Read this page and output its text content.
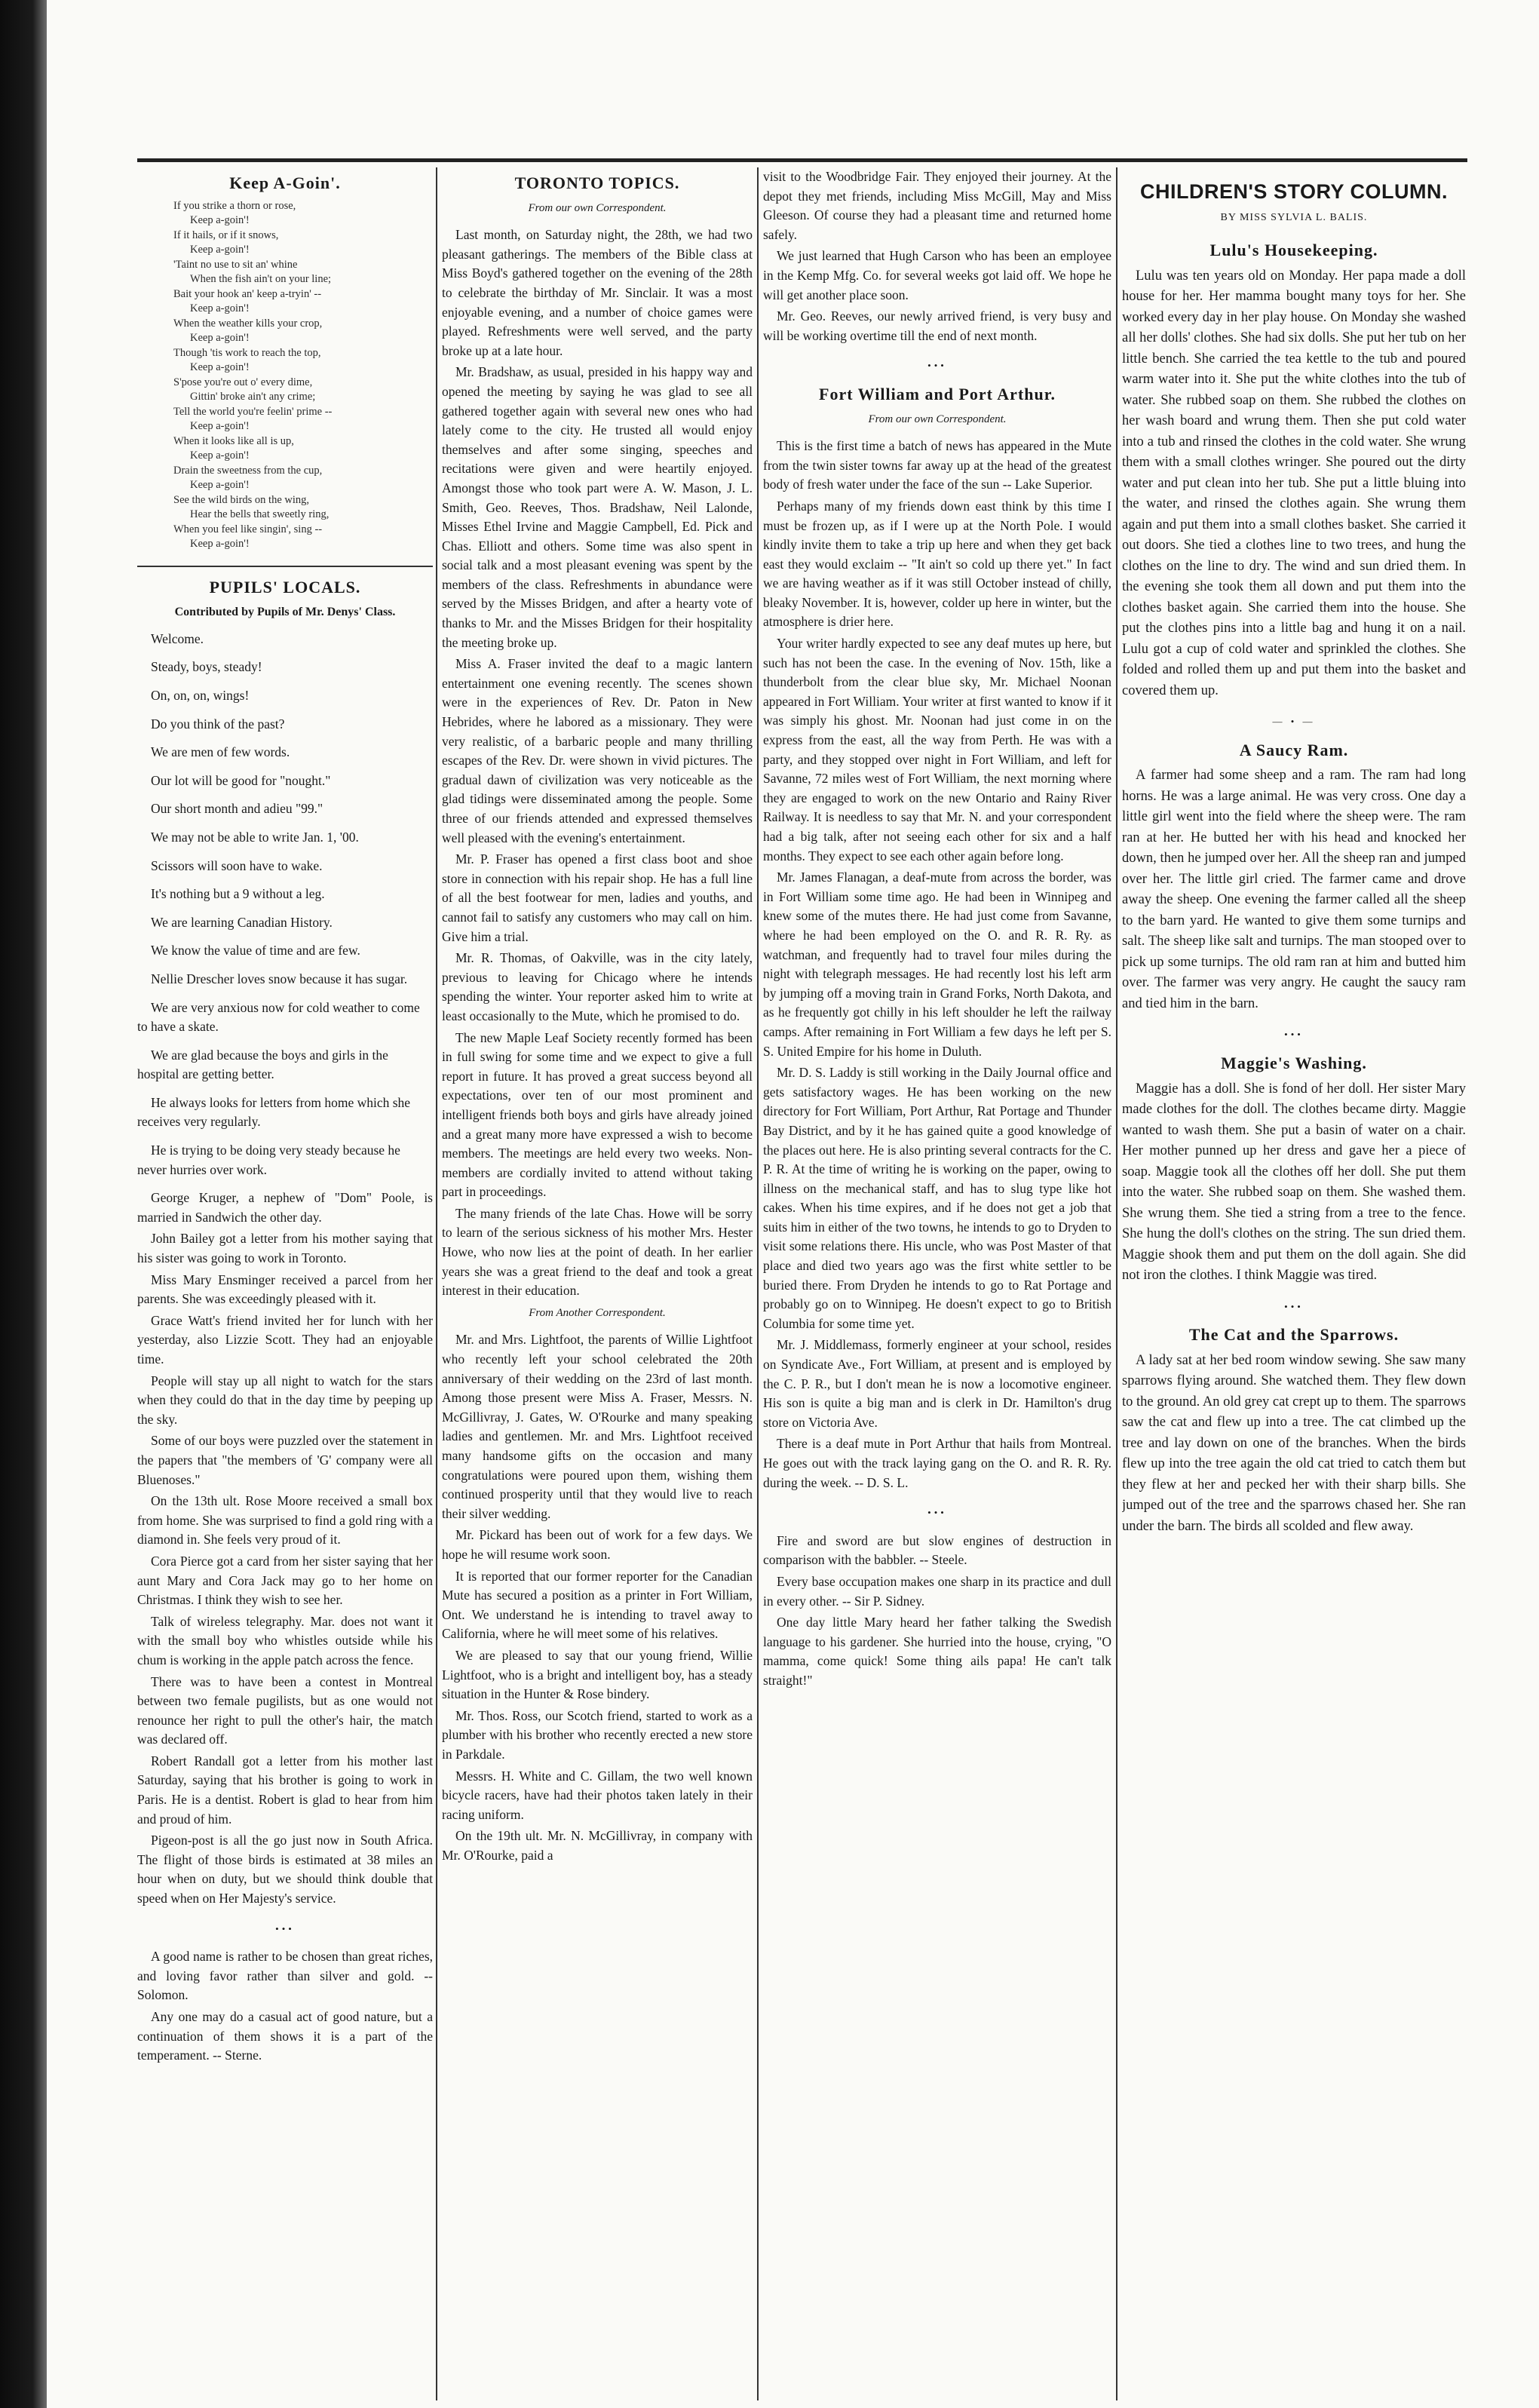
Keep A-Goin'.
If you strike a thorn or rose,
Keep a-goin'!
If it hails, or if it snows,
Keep a-goin'!
'Taint no use to sit an' whine
When the fish ain't on your line;
Bait your hook an' keep a-tryin' --
Keep a-goin'!
When the weather kills your crop,
Keep a-goin'!
Though 'tis work to reach the top,
Keep a-goin'!
S'pose you're out o' every dime,
Gittin' broke ain't any crime;
Tell the world you're feelin' prime --
Keep a-goin'!
When it looks like all is up,
Keep a-goin'!
Drain the sweetness from the cup,
Keep a-goin'!
See the wild birds on the wing,
Hear the bells that sweetly ring,
When you feel like singin', sing --
Keep a-goin'!
PUPILS' LOCALS.
Contributed by Pupils of Mr. Denys' Class.
Welcome.
Steady, boys, steady!
On, on, on, wings!
Do you think of the past?
We are men of few words.
Our lot will be good for "nought."
Our short month and adieu "99."
We may not be able to write Jan. 1, '00.
Scissors will soon have to wake.
It's nothing but a 9 without a leg.
We are learning Canadian History.
We know the value of time and are few.
Nellie Drescher loves snow because it has sugar.
We are very anxious now for cold weather to come to have a skate.
We are glad because the boys and girls in the hospital are getting better.
He always looks for letters from home which she receives very regularly.
He is trying to be doing very steady because he never hurries over work.

George Kruger, a nephew of "Dom" Poole, is married in Sandwich the other day.

John Bailey got a letter from his mother saying that his sister was going to work in Toronto.

Miss Mary Ensminger received a parcel from her parents. She was exceedingly pleased with it.

Grace Watt's friend invited her for lunch with her yesterday, also Lizzie Scott. They had an enjoyable time.

People will stay up all night to watch for the stars when they could do that in the day time by peeping up the sky.

Some of our boys were puzzled over the statement in the papers that "the members of 'G' company were all Bluenoses."

On the 13th ult. Rose Moore received a small box from home. She was surprised to find a gold ring with a diamond in. She feels very proud of it.

Cora Pierce got a card from her sister saying that her aunt Mary and Cora Jack may go to her home on Christmas. I think they wish to see her.

Talk of wireless telegraphy. Mar. does not want it with the small boy who whistles outside while his chum is working in the apple patch across the fence.

There was to have been a contest in Montreal between two female pugilists, but as one would not renounce her right to pull the other's hair, the match was declared off.

Robert Randall got a letter from his mother last Saturday, saying that his brother is going to work in Paris. He is a dentist. Robert is glad to hear from him and proud of him.

Pigeon-post is all the go just now in South Africa. The flight of those birds is estimated at 38 miles an hour when on duty, but we should think double that speed when on Her Majesty's service.

•••

A good name is rather to be chosen than great riches, and loving favor rather than silver and gold. -- Solomon.

Any one may do a casual act of good nature, but a continuation of them shows it is a part of the temperament. -- Sterne.

TORONTO TOPICS.
From our own Correspondent.

Last month, on Saturday night, the 28th, we had two pleasant gatherings. The members of the Bible class at Miss Boyd's gathered together on the evening of the 28th to celebrate the birthday of Mr. Sinclair. It was a most enjoyable evening, and a number of choice games were played. Refreshments were well served, and the party broke up at a late hour.

Mr. Bradshaw, as usual, presided in his happy way and opened the meeting by saying he was glad to see all gathered together again with several new ones who had lately come to the city. He trusted all would enjoy themselves and after some singing, speeches and recitations were given and were heartily enjoyed. Amongst those who took part were A. W. Mason, J. L. Smith, Geo. Reeves, Thos. Bradshaw, Neil Lalonde, Misses Ethel Irvine and Maggie Campbell, Ed. Pick and Chas. Elliott and others. Some time was also spent in social talk and a most pleasant evening was spent by the members of the class. Refreshments in abundance were served by the Misses Bridgen, and after a hearty vote of thanks to Mr. and the Misses Bridgen for their hospitality the meeting broke up.

Miss A. Fraser invited the deaf to a magic lantern entertainment one evening recently. The scenes shown were in the experiences of Rev. Dr. Paton in New Hebrides, where he labored as a missionary. They were very realistic, of a barbaric people and many thrilling escapes of the Rev. Dr. were shown in vivid pictures. The gradual dawn of civilization was very noticeable as the glad tidings were disseminated among the people. Some three of our friends attended and expressed themselves well pleased with the evening's entertainment.

Mr. P. Fraser has opened a first class boot and shoe store in connection with his repair shop. He has a full line of all the best footwear for men, ladies and youths, and cannot fail to satisfy any customers who may call on him. Give him a trial.

Mr. R. Thomas, of Oakville, was in the city lately, previous to leaving for Chicago where he intends spending the winter. Your reporter asked him to write at least occasionally to the Mute, which he promised to do.

The new Maple Leaf Society recently formed has been in full swing for some time and we expect to give a full report in future. It has proved a great success beyond all expectations, over ten of our most prominent and intelligent friends both boys and girls have already joined and a great many more have expressed a wish to become members. The meetings are held every two weeks. Non-members are cordially invited to attend without taking part in proceedings.

The many friends of the late Chas. Howe will be sorry to learn of the serious sickness of his mother Mrs. Hester Howe, who now lies at the point of death. In her earlier years she was a great friend to the deaf and took a great interest in their education.

From Another Correspondent.

Mr. and Mrs. Lightfoot, the parents of Willie Lightfoot who recently left your school celebrated the 20th anniversary of their wedding on the 23rd of last month. Among those present were Miss A. Fraser, Messrs. N. McGillivray, J. Gates, W. O'Rourke and many speaking ladies and gentlemen. Mr. and Mrs. Lightfoot received many handsome gifts on the occasion and many congratulations were poured upon them, wishing them continued prosperity until that they would live to reach their silver wedding.

Mr. Pickard has been out of work for a few days. We hope he will resume work soon.

It is reported that our former reporter for the Canadian Mute has secured a position as a printer in Fort William, Ont. We understand he is intending to travel away to California, where he will meet some of his relatives.

We are pleased to say that our young friend, Willie Lightfoot, who is a bright and intelligent boy, has a steady situation in the Hunter & Rose bindery.

Mr. Thos. Ross, our Scotch friend, started to work as a plumber with his brother who recently erected a new store in Parkdale.

Messrs. H. White and C. Gillam, the two well known bicycle racers, have had their photos taken lately in their racing uniform.

On the 19th ult. Mr. N. McGillivray, in company with Mr. O'Rourke, paid a

visit to the Woodbridge Fair. They enjoyed their journey. At the depot they met friends, including Miss McGill, May and Miss Gleeson. Of course they had a pleasant time and returned home safely.

We just learned that Hugh Carson who has been an employee in the Kemp Mfg. Co. for several weeks got laid off. We hope he will get another place soon.

Mr. Geo. Reeves, our newly arrived friend, is very busy and will be working overtime till the end of next month.

•••
Fort William and Port Arthur.
From our own Correspondent.

This is the first time a batch of news has appeared in the Mute from the twin sister towns far away up at the head of the greatest body of fresh water under the face of the sun -- Lake Superior.

Perhaps many of my friends down east think by this time I must be frozen up, as if I were up at the North Pole. I would kindly invite them to take a trip up here and when they get back east they would exclaim -- "It ain't so cold up there yet." In fact we are having weather as if it was still October instead of chilly, bleaky November. It is, however, colder up here in winter, but the atmosphere is drier here.

Your writer hardly expected to see any deaf mutes up here, but such has not been the case. In the evening of Nov. 15th, like a thunderbolt from the clear blue sky, Mr. Michael Noonan appeared in Fort William. Your writer at first wanted to know if it was simply his ghost. Mr. Noonan had just come in on the express from the east, all the way from Perth. He was with a party, and they stopped over night in Fort William, and left for Savanne, 72 miles west of Fort William, the next morning where they are engaged to work on the new Ontario and Rainy River Railway. It is needless to say that Mr. N. and your correspondent had a big talk, after not seeing each other for six and a half months. They expect to see each other again before long.

Mr. James Flanagan, a deaf-mute from across the border, was in Fort William some time ago. He had been in Winnipeg and knew some of the mutes there. He had just come from Savanne, where he had been employed on the O. and R. R. Ry. as watchman, and frequently had to travel four miles during the night with telegraph messages. He had recently lost his left arm by jumping off a moving train in Grand Forks, North Dakota, and as he frequently got chilly in his left shoulder he left the railway camps. After remaining in Fort William a few days he left per S. S. United Empire for his home in Duluth.

Mr. D. S. Laddy is still working in the Daily Journal office and gets satisfactory wages. He has been working on the new directory for Fort William, Port Arthur, Rat Portage and Thunder Bay District, and by it he has gained quite a good knowledge of the places out here. He is also printing several contracts for the C. P. R. At the time of writing he is working on the paper, owing to illness on the mechanical staff, and has to slug type like hot cakes. When his time expires, and if he does not get a job that suits him in either of the two towns, he intends to go to Dryden to visit some relations there. His uncle, who was Post Master of that place and died two years ago was the first white settler to be buried there. From Dryden he intends to go to Rat Portage and probably go on to Winnipeg. He doesn't expect to go to British Columbia for some time yet.

Mr. J. Middlemass, formerly engineer at your school, resides on Syndicate Ave., Fort William, at present and is employed by the C. P. R., but I don't mean he is now a locomotive engineer. His son is quite a big man and is clerk in Dr. Hamilton's drug store on Victoria Ave.

There is a deaf mute in Port Arthur that hails from Montreal. He goes out with the track laying gang on the O. and R. R. Ry. during the week. -- D. S. L.

•••

Fire and sword are but slow engines of destruction in comparison with the babbler. -- Steele.

Every base occupation makes one sharp in its practice and dull in every other. -- Sir P. Sidney.

One day little Mary heard her father talking the Swedish language to his gardener. She hurried into the house, crying, "O mamma, come quick! Some thing ails papa! He can't talk straight!"

CHILDREN'S STORY COLUMN.
BY MISS SYLVIA L. BALIS.
Lulu's Housekeeping.

Lulu was ten years old on Monday. Her papa made a doll house for her. Her mamma bought many toys for her. She worked every day in her play house. On Monday she washed all her dolls' clothes. She had six dolls. She put her tub on her little bench. She carried the tea kettle to the tub and poured warm water into it. She put the white clothes into the tub of water. She rubbed soap on them. She rubbed the clothes on her wash board and wrung them. Then she put cold water into a tub and rinsed the clothes in the cold water. She wrung them with a small clothes wringer. She poured out the dirty water and put clean into her tub. She put a little bluing into the water, and rinsed the clothes again. She wrung them again and put them into a small clothes basket. She carried it out doors. She tied a clothes line to two trees, and hung the clothes on the line to dry. The wind and sun dried them. In the evening she took them all down and put them into the clothes basket again. She carried them into the house. She put the clothes pins into a little bag and hung it on a nail. Lulu got a cup of cold water and sprinkled the clothes. She folded and rolled them up and put them into the basket and covered them up.

— • —
A Saucy Ram.

A farmer had some sheep and a ram. The ram had long horns. He was a large animal. He was very cross. One day a little girl went into the field where the sheep were. The ram ran at her. He butted her with his head and knocked her down, then he jumped over her. All the sheep ran and jumped over her. The little girl cried. The farmer came and drove away the sheep. One evening the farmer called all the sheep to the barn yard. He wanted to give them some turnips and salt. The sheep like salt and turnips. The man stooped over to pick up some turnips. The old ram ran at him and butted him over. The farmer was very angry. He caught the saucy ram and tied him in the barn.

•••
Maggie's Washing.

Maggie has a doll. She is fond of her doll. Her sister Mary made clothes for the doll. The clothes became dirty. Maggie wanted to wash them. She put a basin of water on a chair. Her mother punned up her dress and gave her a piece of soap. Maggie took all the clothes off her doll. She put them into the water. She rubbed soap on them. She washed them. She wrung them. She tied a string from a tree to the fence. She hung the doll's clothes on the string. The sun dried them. Maggie shook them and put them on the doll again. She did not iron the clothes. I think Maggie was tired.

•••
The Cat and the Sparrows.

A lady sat at her bed room window sewing. She saw many sparrows flying around. She watched them. They flew down to the ground. An old grey cat crept up to them. The sparrows saw the cat and flew up into a tree. The cat climbed up the tree and lay down on one of the branches. When the birds flew up into the tree again the old cat tried to catch them but they flew at her and pecked her with their sharp bills. She jumped out of the tree and the sparrows chased her. She ran under the barn. The birds all scolded and flew away.
